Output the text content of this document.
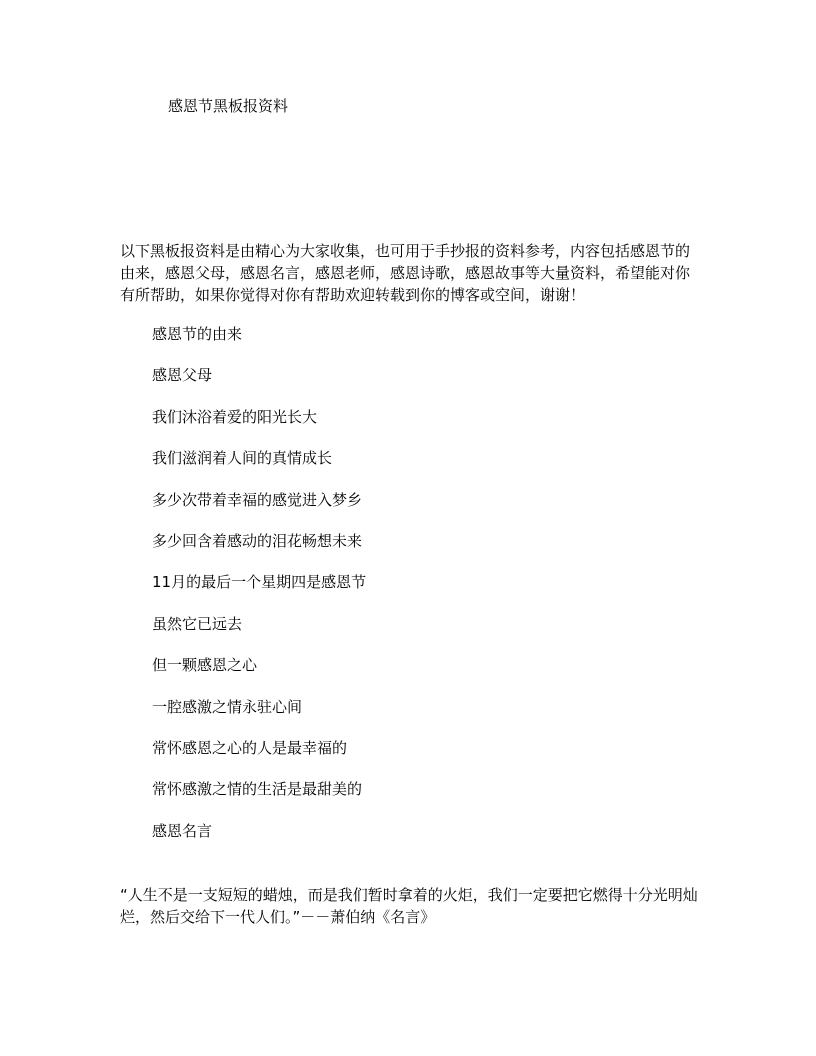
感恩节黑板报资料

以下黑板报资料是由精心为大家收集，也可用于手抄报的资料参考，内容包括感恩节的由来，感恩父母，感恩名言，感恩老师，感恩诗歌，感恩故事等大量资料，希望能对你有所帮助，如果你觉得对你有帮助欢迎转载到你的博客或空间，谢谢！

感恩节的由来
感恩父母
我们沐浴着爱的阳光长大
我们滋润着人间的真情成长
多少次带着幸福的感觉进入梦乡
多少回含着感动的泪花畅想未来
11月的最后一个星期四是感恩节
虽然它已远去
但一颗感恩之心
一腔感激之情永驻心间
常怀感恩之心的人是最幸福的
常怀感激之情的生活是最甜美的
感恩名言

“人生不是一支短短的蜡烛，而是我们暂时拿着的火炬，我们一定要把它燃得十分光明灿烂，然后交给下一代人们。”－－萧伯纳《名言》
